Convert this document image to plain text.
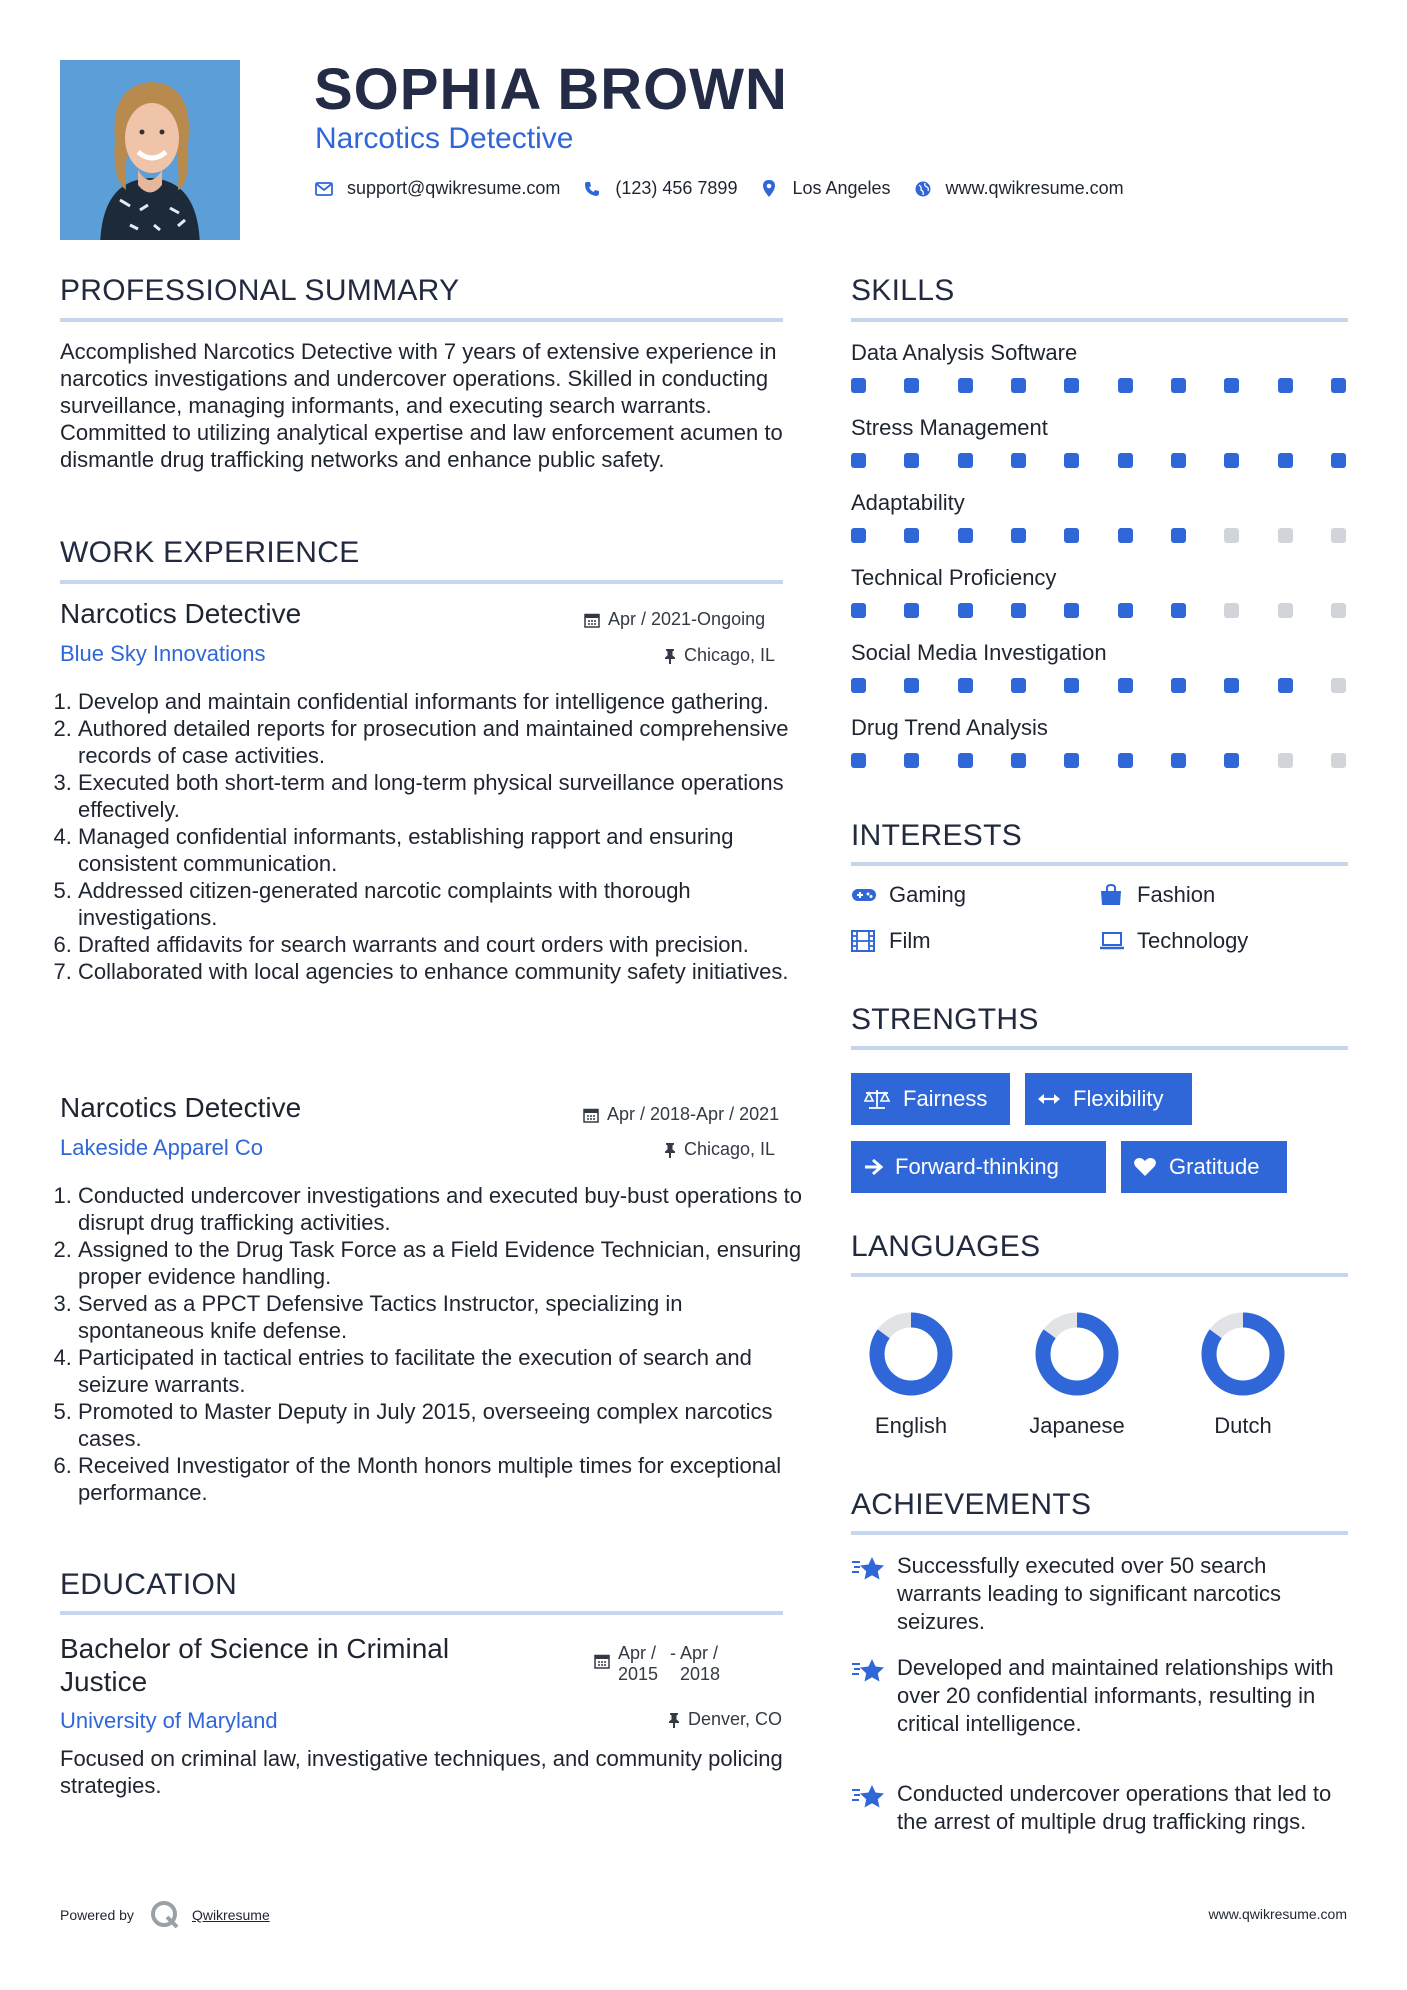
SOPHIA BROWN
Narcotics Detective
support@qwikresume.com	(123) 456 7899	Los Angeles	www.qwikresume.com
PROFESSIONAL SUMMARY
Accomplished Narcotics Detective with 7 years of extensive experience in narcotics investigations and undercover operations. Skilled in conducting surveillance, managing informants, and executing search warrants. Committed to utilizing analytical expertise and law enforcement acumen to dismantle drug trafficking networks and enhance public safety.
WORK EXPERIENCE
Narcotics Detective	Apr / 2021-Ongoing
Blue Sky Innovations	Chicago, IL
1. Develop and maintain confidential informants for intelligence gathering.
2. Authored detailed reports for prosecution and maintained comprehensive records of case activities.
3. Executed both short-term and long-term physical surveillance operations effectively.
4. Managed confidential informants, establishing rapport and ensuring consistent communication.
5. Addressed citizen-generated narcotic complaints with thorough investigations.
6. Drafted affidavits for search warrants and court orders with precision.
7. Collaborated with local agencies to enhance community safety initiatives.
Narcotics Detective	Apr / 2018-Apr / 2021
Lakeside Apparel Co	Chicago, IL
1. Conducted undercover investigations and executed buy-bust operations to disrupt drug trafficking activities.
2. Assigned to the Drug Task Force as a Field Evidence Technician, ensuring proper evidence handling.
3. Served as a PPCT Defensive Tactics Instructor, specializing in spontaneous knife defense.
4. Participated in tactical entries to facilitate the execution of search and seizure warrants.
5. Promoted to Master Deputy in July 2015, overseeing complex narcotics cases.
6. Received Investigator of the Month honors multiple times for exceptional performance.
EDUCATION
Bachelor of Science in Criminal Justice
Apr / 2015
- Apr / 2018
University of Maryland	Denver, CO
Focused on criminal law, investigative techniques, and community policing strategies.
SKILLS
Data Analysis Software
Stress Management
Adaptability
Technical Proficiency
Social Media Investigation
Drug Trend Analysis
INTERESTS
Gaming	Fashion
Film	Technology
STRENGTHS
Fairness	Flexibility
Forward-thinking	Gratitude
LANGUAGES
English	Japanese	Dutch
ACHIEVEMENTS
Successfully executed over 50 search warrants leading to significant narcotics seizures.
Developed and maintained relationships with over 20 confidential informants, resulting in critical intelligence.
Conducted undercover operations that led to the arrest of multiple drug trafficking rings.
Powered by	Qwikresume	www.qwikresume.com
